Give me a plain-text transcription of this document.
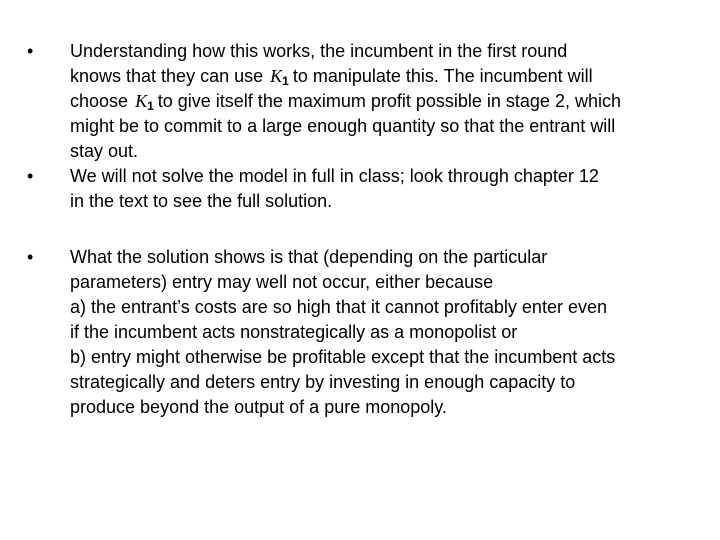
• Understanding how this works, the incumbent in the first round
knows that they can use $K_1$ to manipulate this. The incumbent will
choose $K_1$ to give itself the maximum profit possible in stage 2, which
might be to commit to a large enough quantity so that the entrant will
stay out.
• We will not solve the model in full in class; look through chapter 12
in the text to see the full solution.
• What the solution shows is that (depending on the particular
parameters) entry may well not occur, either because
a) the entrant’s costs are so high that it cannot profitably enter even
if the incumbent acts nonstrategically as a monopolist or
b) entry might otherwise be profitable except that the incumbent acts
strategically and deters entry by investing in enough capacity to
produce beyond the output of a pure monopoly.
